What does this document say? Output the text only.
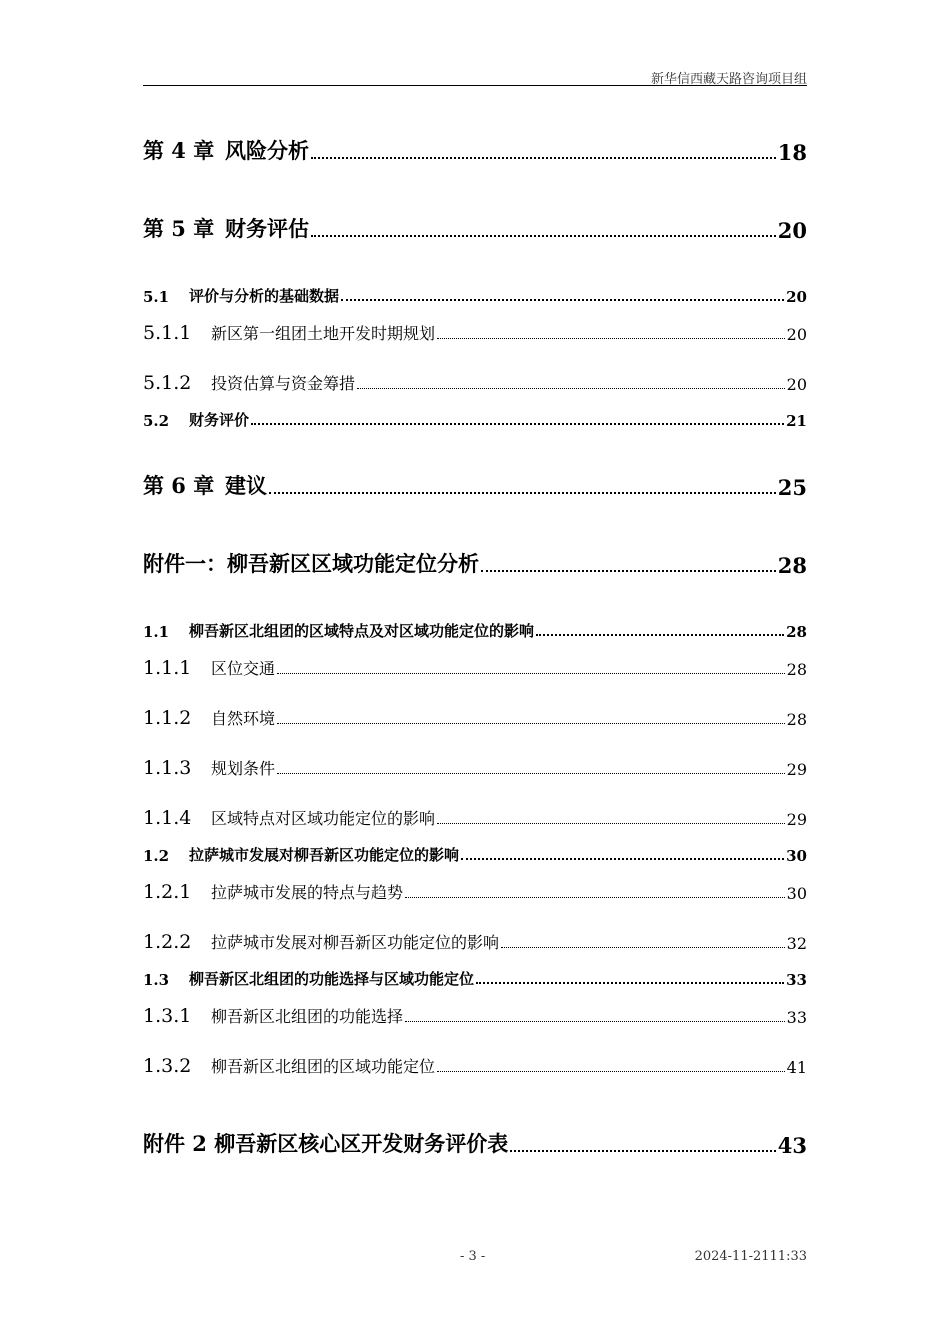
新华信西藏天路咨询项目组
第 4 章 风险分析	18
第 5 章 财务评估	20
5.1	评价与分析的基础数据	20
5.1.1	新区第一组团土地开发时期规划	20
5.1.2	投资估算与资金筹措	20
5.2	财务评价	21
第 6 章 建议	25
附件一：柳吾新区区域功能定位分析	28
1.1	柳吾新区北组团的区域特点及对区域功能定位的影响	28
1.1.1	区位交通	28
1.1.2	自然环境	28
1.1.3	规划条件	29
1.1.4	区域特点对区域功能定位的影响	29
1.2	拉萨城市发展对柳吾新区功能定位的影响	30
1.2.1	拉萨城市发展的特点与趋势	30
1.2.2	拉萨城市发展对柳吾新区功能定位的影响	32
1.3	柳吾新区北组团的功能选择与区域功能定位	33
1.3.1	柳吾新区北组团的功能选择	33
1.3.2	柳吾新区北组团的区域功能定位	41
附件 2 柳吾新区核心区开发财务评价表	43
- 3 -	2024-11-2111:33
